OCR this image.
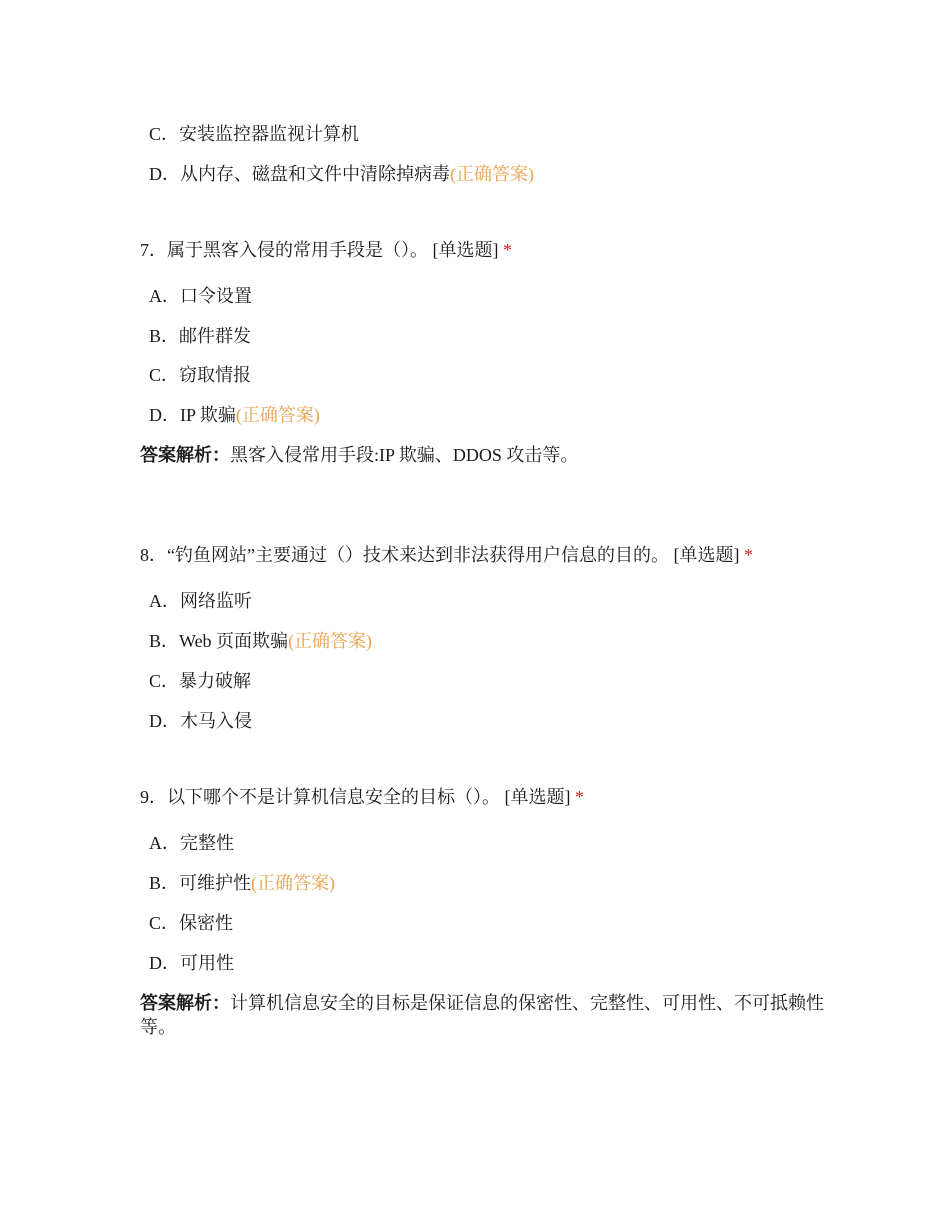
C．安装监控器监视计算机
D．从内存、磁盘和文件中清除掉病毒(正确答案)
7．属于黑客入侵的常用手段是（）。 [单选题] *
A．口令设置
B．邮件群发
C．窃取情报
D．IP 欺骗(正确答案)
答案解析：黑客入侵常用手段:IP 欺骗、DDOS 攻击等。
8．“钓鱼网站”主要通过（）技术来达到非法获得用户信息的目的。 [单选题] *
A．网络监听
B．Web 页面欺骗(正确答案)
C．暴力破解
D．木马入侵
9．以下哪个不是计算机信息安全的目标（）。 [单选题] *
A．完整性
B．可维护性(正确答案)
C．保密性
D．可用性
答案解析：计算机信息安全的目标是保证信息的保密性、完整性、可用性、不可抵赖性等。
